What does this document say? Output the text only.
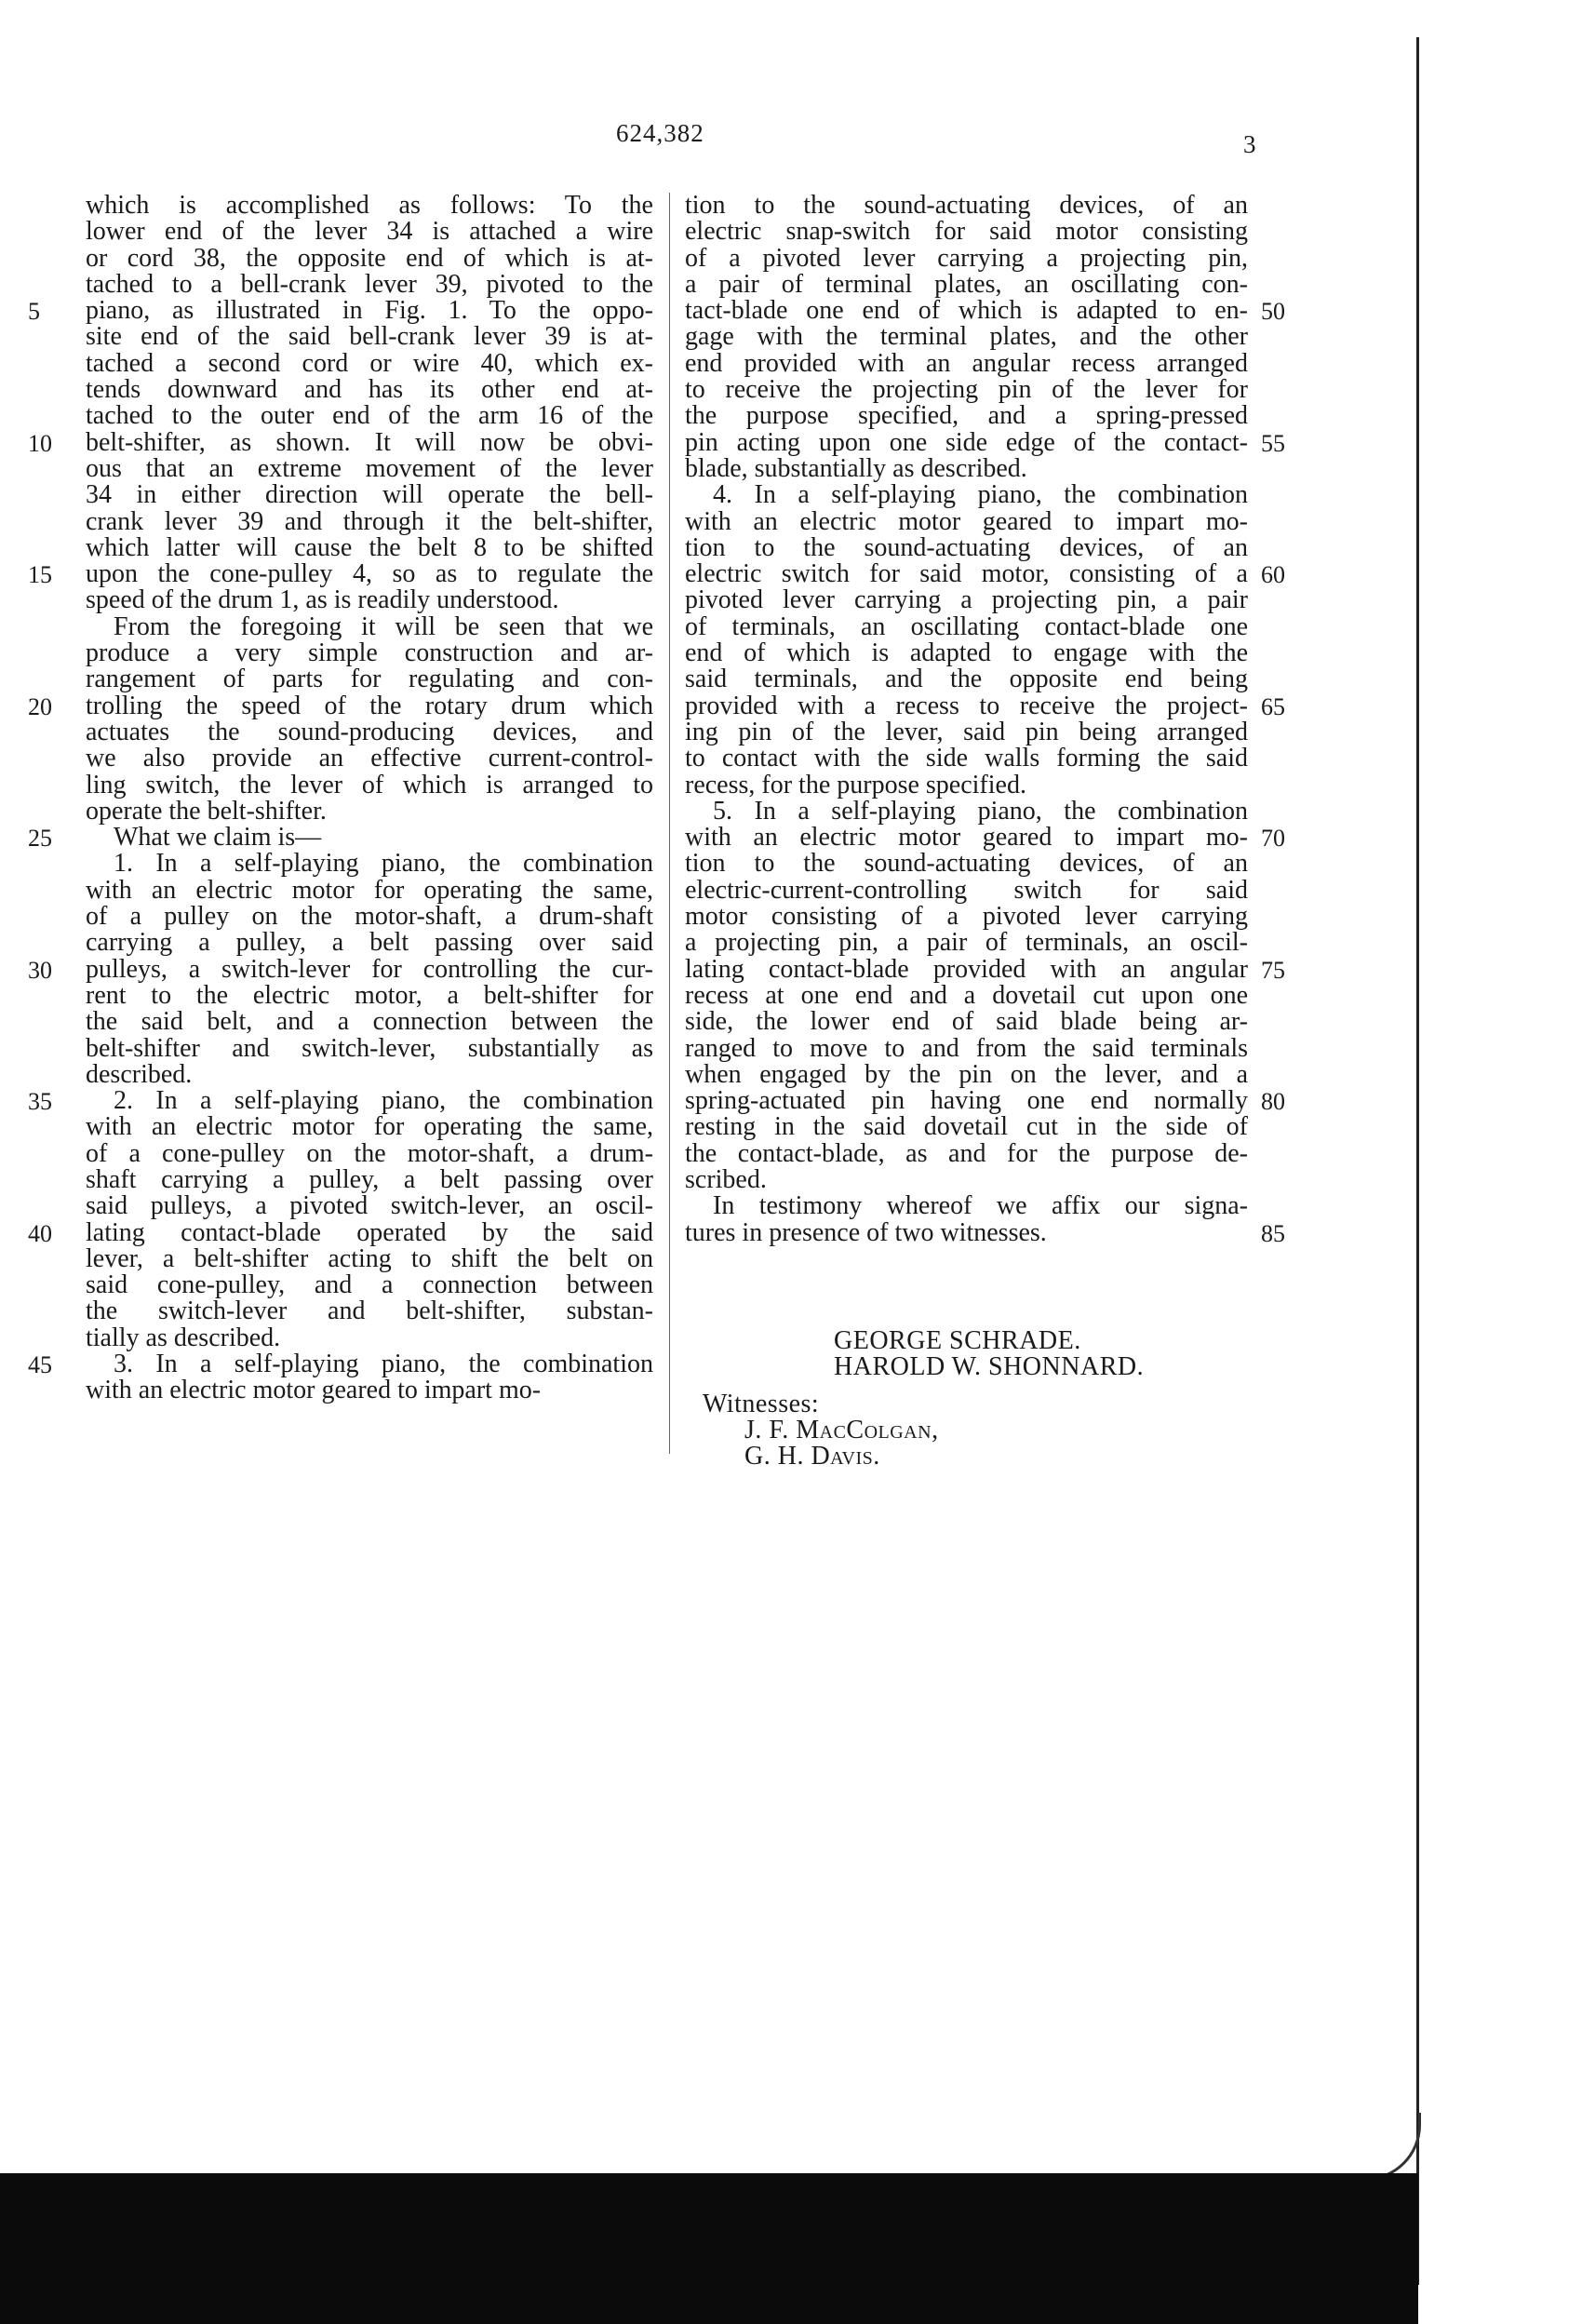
624,382	3
which is accomplished as follows: To the
lower end of the lever 34 is attached a wire
or cord 38, the opposite end of which is at-
tached to a bell-crank lever 39, pivoted to the
piano, as illustrated in Fig. 1. To the oppo-
site end of the said bell-crank lever 39 is at-
tached a second cord or wire 40, which ex-
tends downward and has its other end at-
tached to the outer end of the arm 16 of the
belt-shifter, as shown. It will now be obvi-
ous that an extreme movement of the lever
34 in either direction will operate the bell-
crank lever 39 and through it the belt-shifter,
which latter will cause the belt 8 to be shifted
upon the cone-pulley 4, so as to regulate the
speed of the drum 1, as is readily understood.
From the foregoing it will be seen that we
produce a very simple construction and ar-
rangement of parts for regulating and con-
trolling the speed of the rotary drum which
actuates the sound-producing devices, and
we also provide an effective current-control-
ling switch, the lever of which is arranged to
operate the belt-shifter.
What we claim is—
1. In a self-playing piano, the combination
with an electric motor for operating the same,
of a pulley on the motor-shaft, a drum-shaft
carrying a pulley, a belt passing over said
pulleys, a switch-lever for controlling the cur-
rent to the electric motor, a belt-shifter for
the said belt, and a connection between the
belt-shifter and switch-lever, substantially as
described.
2. In a self-playing piano, the combination
with an electric motor for operating the same,
of a cone-pulley on the motor-shaft, a drum-
shaft carrying a pulley, a belt passing over
said pulleys, a pivoted switch-lever, an oscil-
lating contact-blade operated by the said
lever, a belt-shifter acting to shift the belt on
said cone-pulley, and a connection between
the switch-lever and belt-shifter, substan-
tially as described.
3. In a self-playing piano, the combination
with an electric motor geared to impart mo-
tion to the sound-actuating devices, of an
electric snap-switch for said motor consisting
of a pivoted lever carrying a projecting pin,
a pair of terminal plates, an oscillating con-
tact-blade one end of which is adapted to en-
gage with the terminal plates, and the other
end provided with an angular recess arranged
to receive the projecting pin of the lever for
the purpose specified, and a spring-pressed
pin acting upon one side edge of the contact-
blade, substantially as described.
4. In a self-playing piano, the combination
with an electric motor geared to impart mo-
tion to the sound-actuating devices, of an
electric switch for said motor, consisting of a
pivoted lever carrying a projecting pin, a pair
of terminals, an oscillating contact-blade one
end of which is adapted to engage with the
said terminals, and the opposite end being
provided with a recess to receive the project-
ing pin of the lever, said pin being arranged
to contact with the side walls forming the said
recess, for the purpose specified.
5. In a self-playing piano, the combination
with an electric motor geared to impart mo-
tion to the sound-actuating devices, of an
electric-current-controlling switch for said
motor consisting of a pivoted lever carrying
a projecting pin, a pair of terminals, an oscil-
lating contact-blade provided with an angular
recess at one end and a dovetail cut upon one
side, the lower end of said blade being ar-
ranged to move to and from the said terminals
when engaged by the pin on the lever, and a
spring-actuated pin having one end normally
resting in the said dovetail cut in the side of
the contact-blade, as and for the purpose de-
scribed.
In testimony whereof we affix our signa-
tures in presence of two witnesses.
5
10
15
20
25
30
35
40
45
50
55
60
65
70
75
80
85
GEORGE SCHRADE.
HAROLD W. SHONNARD.
Witnesses:
J. F. MacColgan,
G. H. Davis.
